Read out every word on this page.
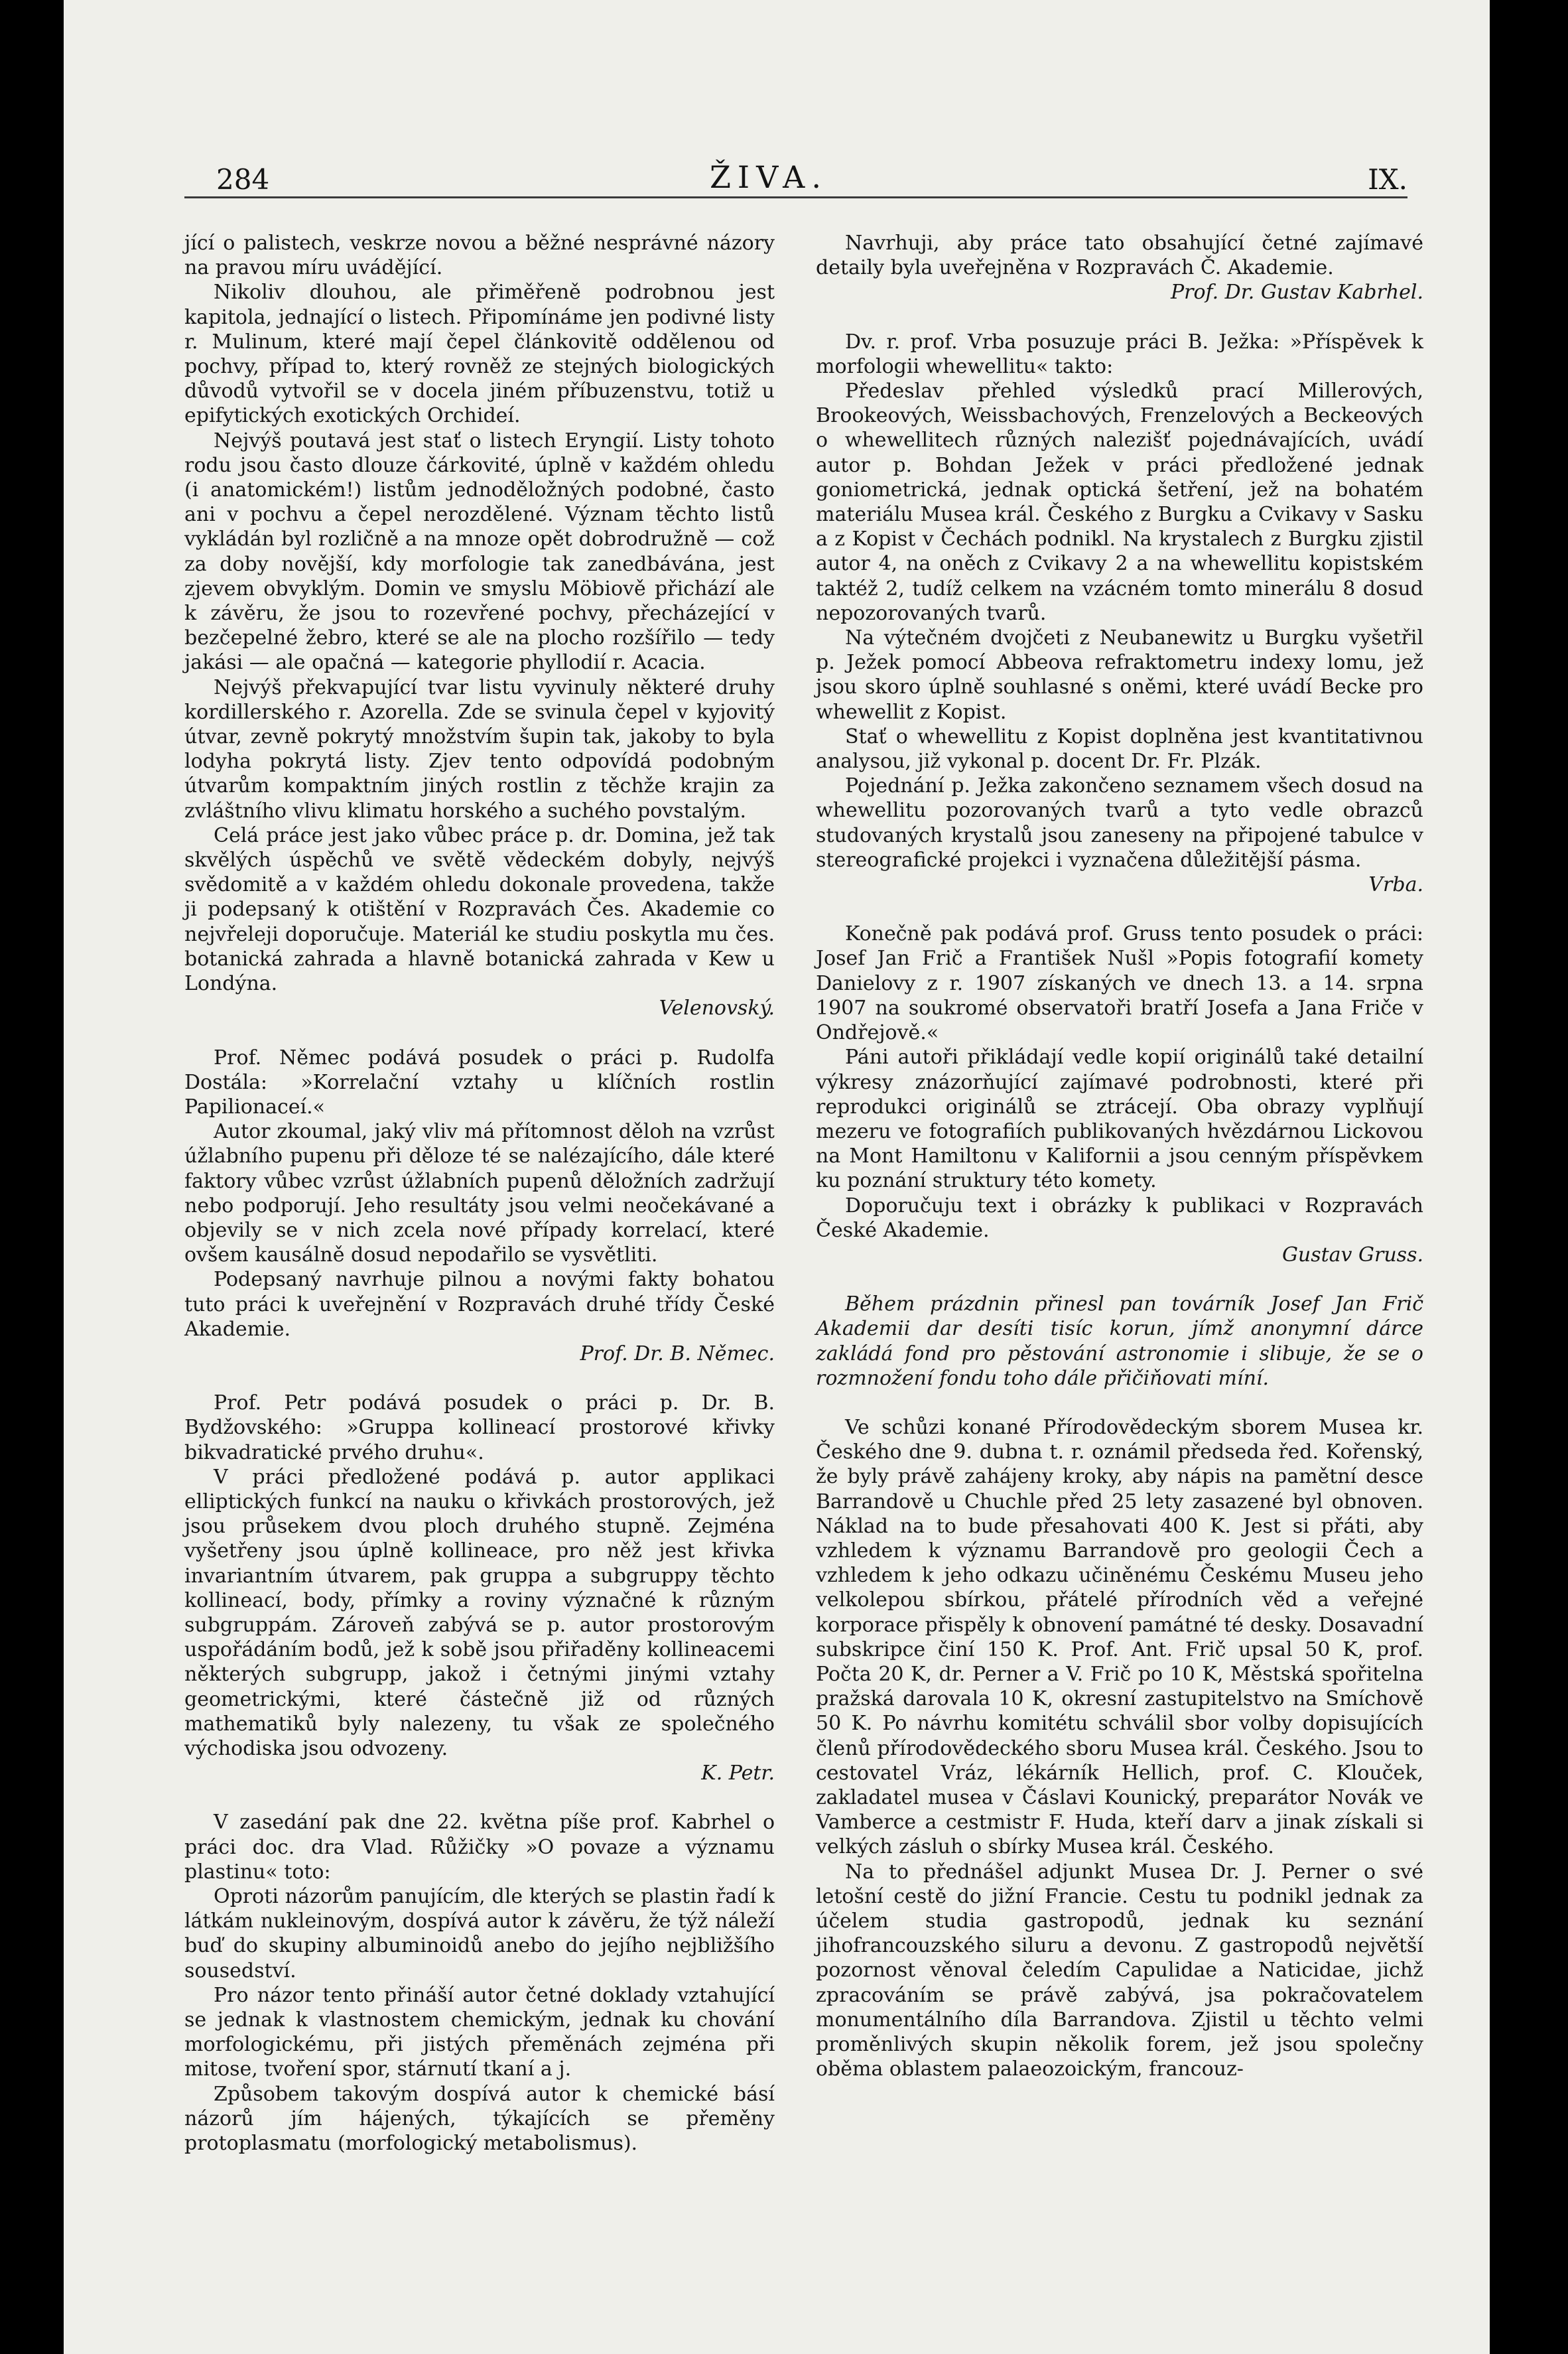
284	ŽIVA.	IX.

jící o palistech, veskrze novou a běžné nesprávné názory na pravou míru uvádějící.

Nikoliv dlouhou, ale přiměřeně podrobnou jest kapitola, jednající o listech. Připomínáme jen podivné listy r. Mulinum, které mají čepel článkovitě oddělenou od pochvy, případ to, který rovněž ze stejných biologických důvodů vytvořil se v docela jiném příbuzenstvu, totiž u epifytických exotických Orchideí.

Nejvýš poutavá jest stať o listech Eryngií. Listy tohoto rodu jsou často dlouze čárkovité, úplně v každém ohledu (i anatomickém!) listům jednoděložných podobné, často ani v pochvu a čepel nerozdělené. Význam těchto listů vykládán byl rozličně a na mnoze opět dobrodružně — což za doby novější, kdy morfologie tak zanedbávána, jest zjevem obvyklým. Domin ve smyslu Möbiově přichází ale k závěru, že jsou to rozevřené pochvy, přecházející v bezčepelné žebro, které se ale na plocho rozšířilo — tedy jakási — ale opačná — kategorie phyllodií r. Acacia.

Nejvýš překvapující tvar listu vyvinuly některé druhy kordillerského r. Azorella. Zde se svinula čepel v kyjovitý útvar, zevně pokrytý množstvím šupin tak, jakoby to byla lodyha pokrytá listy. Zjev tento odpovídá podobným útvarům kompaktním jiných rostlin z těchže krajin za zvláštního vlivu klimatu horského a suchého povstalým.

Celá práce jest jako vůbec práce p. dr. Domina, jež tak skvělých úspěchů ve světě vědeckém dobyly, nejvýš svědomitě a v každém ohledu dokonale provedena, takže ji podepsaný k otištění v Rozpravách Čes. Akademie co nejvřeleji doporučuje. Materiál ke studiu poskytla mu čes. botanická zahrada a hlavně botanická zahrada v Kew u Londýna.

Velenovský.

Prof. Němec podává posudek o práci p. Rudolfa Dostála: »Korrelační vztahy u klíčních rostlin Papilionaceí.«

Autor zkoumal, jaký vliv má přítomnost děloh na vzrůst úžlabního pupenu při děloze té se nalézajícího, dále které faktory vůbec vzrůst úžlabních pupenů děložních zadržují nebo podporují. Jeho resultáty jsou velmi neočekávané a objevily se v nich zcela nové případy korrelací, které ovšem kausálně dosud nepodařilo se vysvětliti.

Podepsaný navrhuje pilnou a novými fakty bohatou tuto práci k uveřejnění v Rozpravách druhé třídy České Akademie.

Prof. Dr. B. Němec.

Prof. Petr podává posudek o práci p. Dr. B. Bydžovského: »Gruppa kollineací prostorové křivky bikvadratické prvého druhu«.

V práci předložené podává p. autor applikaci elliptických funkcí na nauku o křivkách prostorových, jež jsou průsekem dvou ploch druhého stupně. Zejména vyšetřeny jsou úplně kollineace, pro něž jest křivka invariantním útvarem, pak gruppa a subgruppy těchto kollineací, body, přímky a roviny význačné k různým subgruppám. Zároveň zabývá se p. autor prostorovým uspořádáním bodů, jež k sobě jsou přiřaděny kollineacemi některých subgrupp, jakož i četnými jinými vztahy geometrickými, které částečně již od různých mathematiků byly nalezeny, tu však ze společného východiska jsou odvozeny.

K. Petr.

V zasedání pak dne 22. května píše prof. Kabrhel o práci doc. dra Vlad. Růžičky »O povaze a významu plastinu« toto:

Oproti názorům panujícím, dle kterých se plastin řadí k látkám nukleinovým, dospívá autor k závěru, že týž náleží buď do skupiny albuminoidů anebo do jejího nejbližšího sousedství.

Pro názor tento přináší autor četné doklady vztahující se jednak k vlastnostem chemickým, jednak ku chování morfologickému, při jistých přeměnách zejména při mitose, tvoření spor, stárnutí tkaní a j.

Způsobem takovým dospívá autor k chemické básí názorů jím hájených, týkajících se přeměny protoplasmatu (morfologický metabolismus).

Navrhuji, aby práce tato obsahující četné zajímavé detaily byla uveřejněna v Rozpravách Č. Akademie.

Prof. Dr. Gustav Kabrhel.

Dv. r. prof. Vrba posuzuje práci B. Ježka: »Příspěvek k morfologii whewellitu« takto:

Předeslav přehled výsledků prací Millerových, Brookeových, Weissbachových, Frenzelových a Beckeových o whewellitech různých nalezišť pojednávajících, uvádí autor p. Bohdan Ježek v práci předložené jednak goniometrická, jednak optická šetření, jež na bohatém materiálu Musea král. Českého z Burgku a Cvikavy v Sasku a z Kopist v Čechách podnikl. Na krystalech z Burgku zjistil autor 4, na oněch z Cvikavy 2 a na whewellitu kopistském taktéž 2, tudíž celkem na vzácném tomto minerálu 8 dosud nepozorovaných tvarů.

Na výtečném dvojčeti z Neubanewitz u Burgku vyšetřil p. Ježek pomocí Abbeova refraktometru indexy lomu, jež jsou skoro úplně souhlasné s oněmi, které uvádí Becke pro whewellit z Kopist.

Stať o whewellitu z Kopist doplněna jest kvantitativnou analysou, již vykonal p. docent Dr. Fr. Plzák.

Pojednání p. Ježka zakončeno seznamem všech dosud na whewellitu pozorovaných tvarů a tyto vedle obrazců studovaných krystalů jsou zaneseny na připojené tabulce v stereografické projekci i vyznačena důležitější pásma.

Vrba.

Konečně pak podává prof. Gruss tento posudek o práci: Josef Jan Frič a František Nušl »Popis fotografií komety Danielovy z r. 1907 získaných ve dnech 13. a 14. srpna 1907 na soukromé observatoři bratří Josefa a Jana Friče v Ondřejově.«

Páni autoři přikládají vedle kopií originálů také detailní výkresy znázorňující zajímavé podrobnosti, které při reprodukci originálů se ztrácejí. Oba obrazy vyplňují mezeru ve fotografiích publikovaných hvězdárnou Lickovou na Mont Hamiltonu v Kalifornii a jsou cenným příspěvkem ku poznání struktury této komety.

Doporučuju text i obrázky k publikaci v Rozpravách České Akademie.

Gustav Gruss.

Během prázdnin přinesl pan továrník Josef Jan Frič Akademii dar desíti tisíc korun, jímž anonymní dárce zakládá fond pro pěstování astronomie i slibuje, že se o rozmnožení fondu toho dále přičiňovati míní.

Ve schůzi konané Přírodovědeckým sborem Musea kr. Českého dne 9. dubna t. r. oznámil předseda řed. Kořenský, že byly právě zahájeny kroky, aby nápis na pamětní desce Barrandově u Chuchle před 25 lety zasazené byl obnoven. Náklad na to bude přesahovati 400 K. Jest si přáti, aby vzhledem k významu Barrandově pro geologii Čech a vzhledem k jeho odkazu učiněnému Českému Museu jeho velkolepou sbírkou, přátelé přírodních věd a veřejné korporace přispěly k obnovení památné té desky. Dosavadní subskripce činí 150 K. Prof. Ant. Frič upsal 50 K, prof. Počta 20 K, dr. Perner a V. Frič po 10 K, Městská spořitelna pražská darovala 10 K, okresní zastupitelstvo na Smíchově 50 K. Po návrhu komitétu schválil sbor volby dopisujících členů přírodovědeckého sboru Musea král. Českého. Jsou to cestovatel Vráz, lékárník Hellich, prof. C. Klouček, zakladatel musea v Čáslavi Kounický, preparátor Novák ve Vamberce a cestmistr F. Huda, kteří darv a jinak získali si velkých zásluh o sbírky Musea král. Českého.

Na to přednášel adjunkt Musea Dr. J. Perner o své letošní cestě do jižní Francie. Cestu tu podnikl jednak za účelem studia gastropodů, jednak ku seznání jihofrancouzského siluru a devonu. Z gastropodů největší pozornost věnoval čeledím Capulidae a Naticidae, jichž zpracováním se právě zabývá, jsa pokračovatelem monumentálního díla Barrandova. Zjistil u těchto velmi proměnlivých skupin několik forem, jež jsou společny oběma oblastem palaeozoickým, francouz-
